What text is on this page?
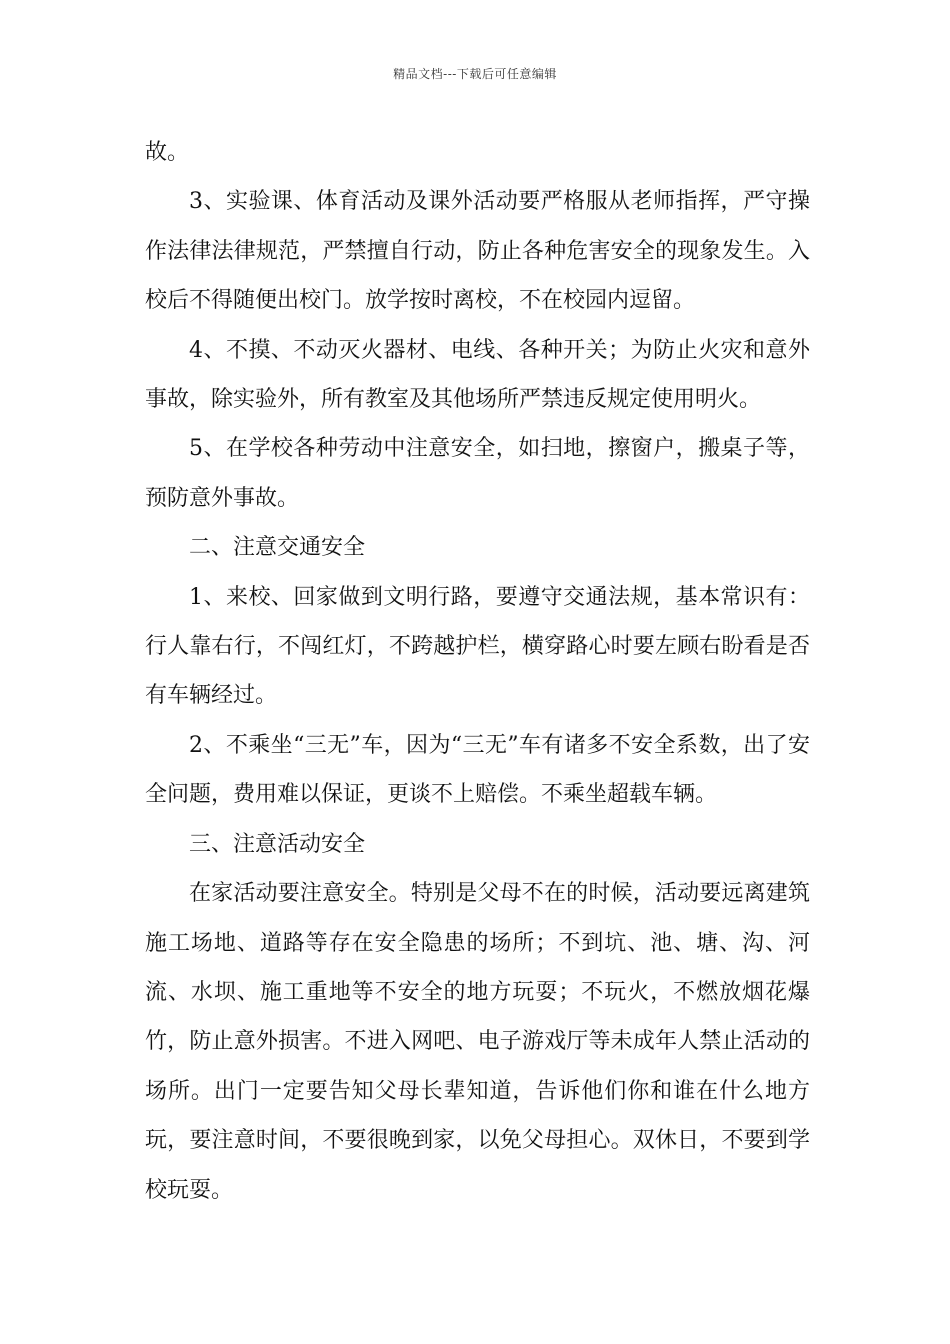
精品文档---下载后可任意编辑

故。

3、实验课、体育活动及课外活动要严格服从老师指挥，严守操作法律法律规范，严禁擅自行动，防止各种危害安全的现象发生。入校后不得随便出校门。放学按时离校，不在校园内逗留。

4、不摸、不动灭火器材、电线、各种开关；为防止火灾和意外事故，除实验外，所有教室及其他场所严禁违反规定使用明火。

5、在学校各种劳动中注意安全，如扫地，擦窗户，搬桌子等，预防意外事故。

二、注意交通安全

1、来校、回家做到文明行路，要遵守交通法规，基本常识有：行人靠右行，不闯红灯，不跨越护栏，横穿路心时要左顾右盼看是否有车辆经过。

2、不乘坐“三无”车，因为“三无”车有诸多不安全系数，出了安全问题，费用难以保证，更谈不上赔偿。不乘坐超载车辆。

三、注意活动安全

在家活动要注意安全。特别是父母不在的时候，活动要远离建筑施工场地、道路等存在安全隐患的场所；不到坑、池、塘、沟、河流、水坝、施工重地等不安全的地方玩耍；不玩火，不燃放烟花爆竹，防止意外损害。不进入网吧、电子游戏厅等未成年人禁止活动的场所。出门一定要告知父母长辈知道，告诉他们你和谁在什么地方玩，要注意时间，不要很晚到家，以免父母担心。双休日，不要到学校玩耍。
